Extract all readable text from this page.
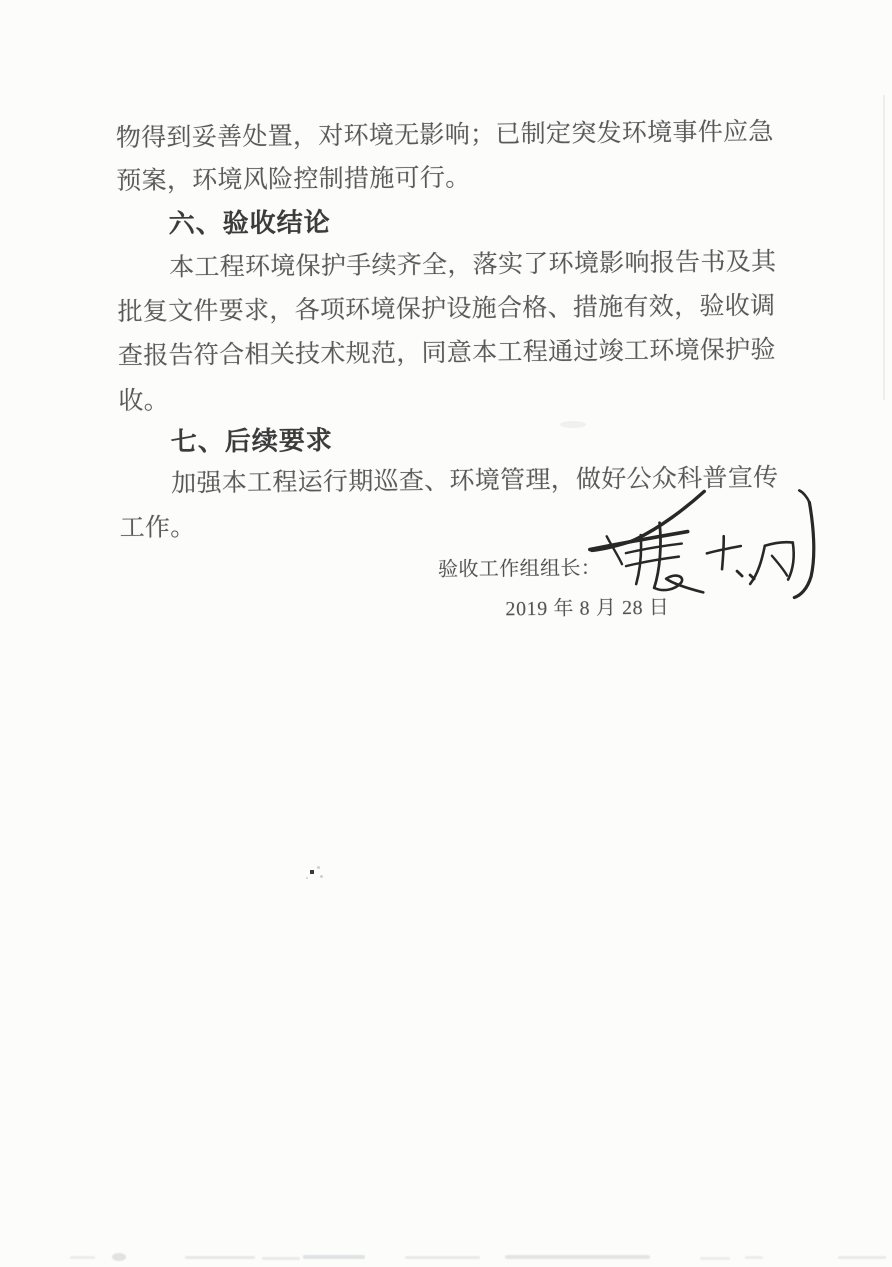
物得到妥善处置，对环境无影响；已制定突发环境事件应急
预案，环境风险控制措施可行。
六、验收结论
本工程环境保护手续齐全，落实了环境影响报告书及其
批复文件要求，各项环境保护设施合格、措施有效，验收调
查报告符合相关技术规范，同意本工程通过竣工环境保护验
收。
七、后续要求
加强本工程运行期巡查、环境管理，做好公众科普宣传
工作。
验收工作组组长：
2019 年 8 月 28 日
